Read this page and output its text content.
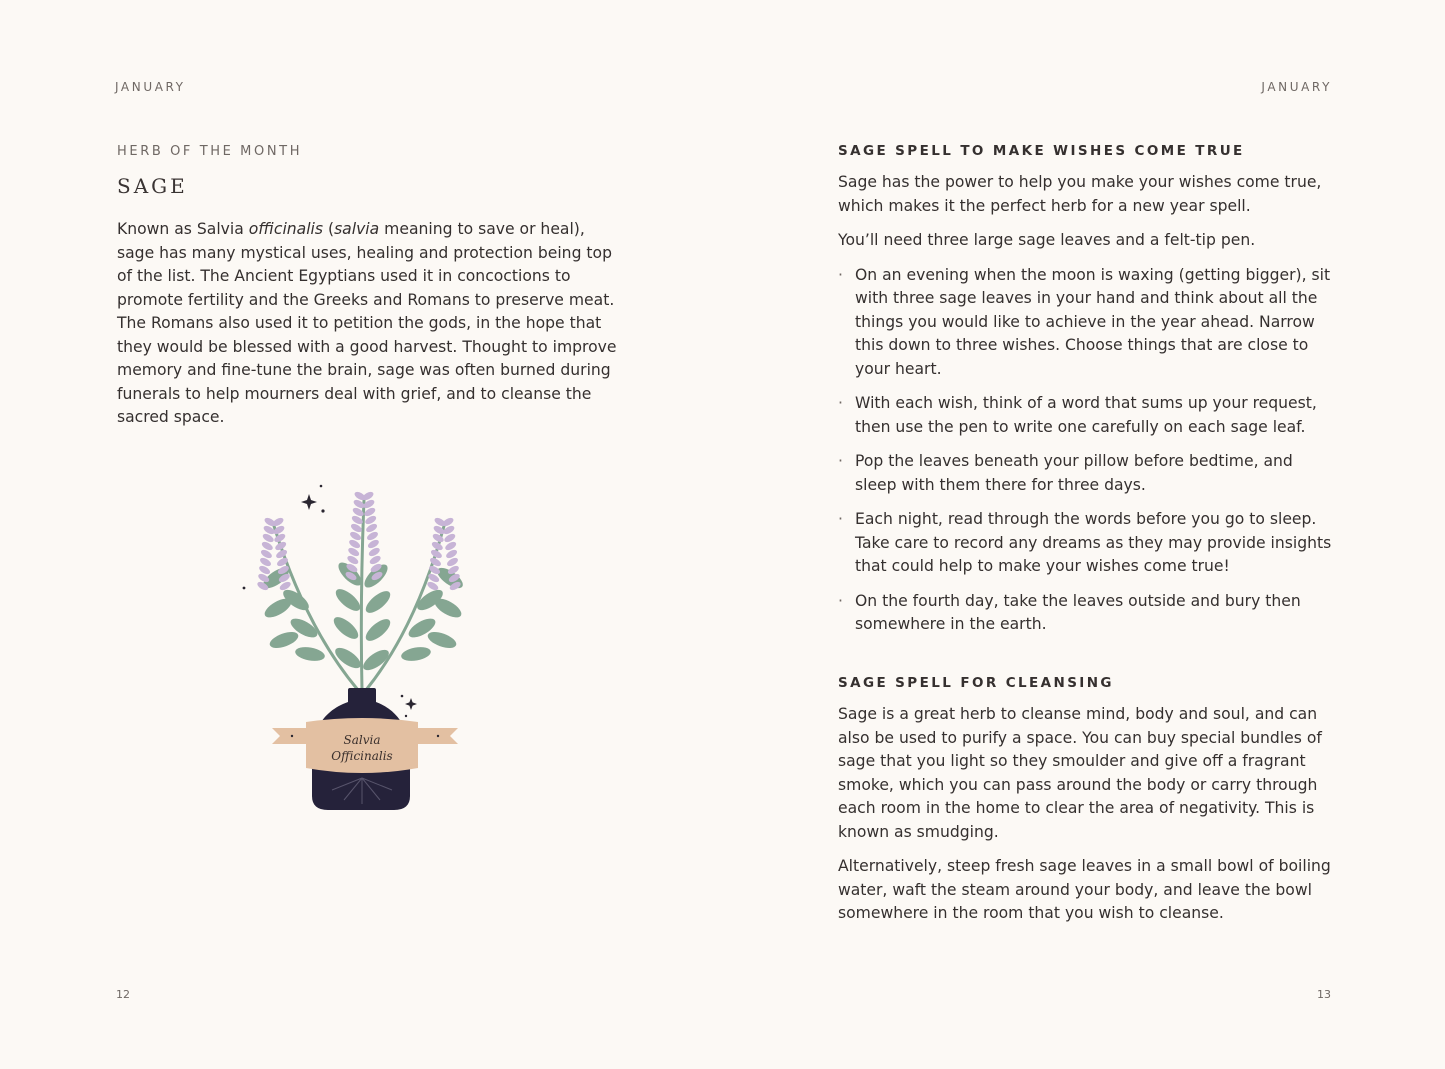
JANUARY
HERB OF THE MONTH
SAGE

Known as Salvia officinalis (salvia meaning to save or heal), sage has many mystical uses, healing and protection being top of the list. The Ancient Egyptians used it in concoctions to promote fertility and the Greeks and Romans to preserve meat. The Romans also used it to petition the gods, in the hope that they would be blessed with a good harvest. Thought to improve memory and fine-tune the brain, sage was often burned during funerals to help mourners deal with grief, and to cleanse the sacred space.

Salvia
Officinalis
12
JANUARY
SAGE SPELL TO MAKE WISHES COME TRUE

Sage has the power to help you make your wishes come true, which makes it the perfect herb for a new year spell.

You’ll need three large sage leaves and a felt-tip pen.

· On an evening when the moon is waxing (getting bigger), sit with three sage leaves in your hand and think about all the things you would like to achieve in the year ahead. Narrow this down to three wishes. Choose things that are close to your heart.
· With each wish, think of a word that sums up your request, then use the pen to write one carefully on each sage leaf.
· Pop the leaves beneath your pillow before bedtime, and sleep with them there for three days.
· Each night, read through the words before you go to sleep. Take care to record any dreams as they may provide insights that could help to make your wishes come true!
· On the fourth day, take the leaves outside and bury then somewhere in the earth.
SAGE SPELL FOR CLEANSING

Sage is a great herb to cleanse mind, body and soul, and can also be used to purify a space. You can buy special bundles of sage that you light so they smoulder and give off a fragrant smoke, which you can pass around the body or carry through each room in the home to clear the area of negativity. This is known as smudging.

Alternatively, steep fresh sage leaves in a small bowl of boiling water, waft the steam around your body, and leave the bowl somewhere in the room that you wish to cleanse.

13
